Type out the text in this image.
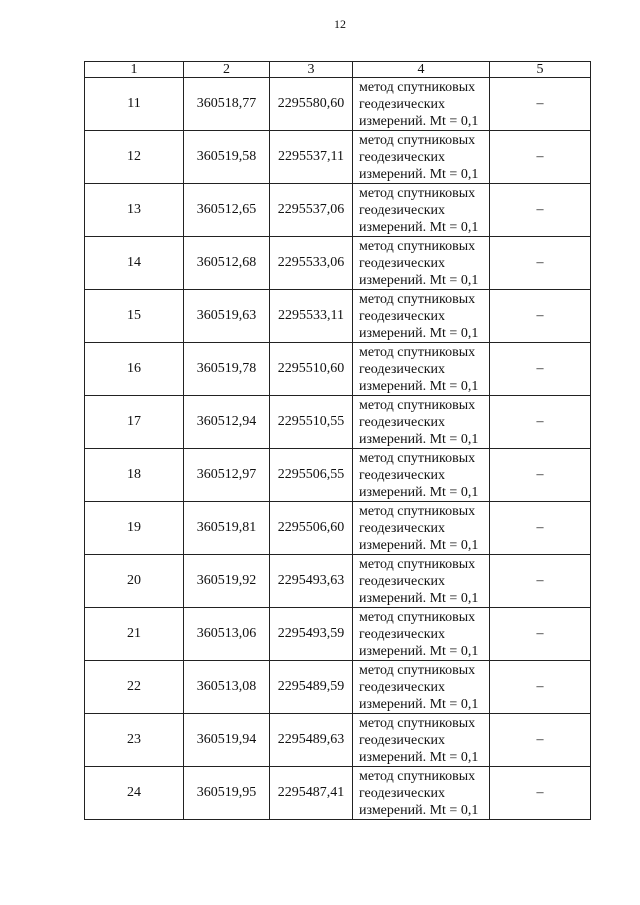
12
1	2	3	4	5
11	360518,77	2295580,60	метод спутниковых
геодезических
измерений. Mt = 0,1	–
12	360519,58	2295537,11	метод спутниковых
геодезических
измерений. Mt = 0,1	–
13	360512,65	2295537,06	метод спутниковых
геодезических
измерений. Mt = 0,1	–
14	360512,68	2295533,06	метод спутниковых
геодезических
измерений. Mt = 0,1	–
15	360519,63	2295533,11	метод спутниковых
геодезических
измерений. Mt = 0,1	–
16	360519,78	2295510,60	метод спутниковых
геодезических
измерений. Mt = 0,1	–
17	360512,94	2295510,55	метод спутниковых
геодезических
измерений. Mt = 0,1	–
18	360512,97	2295506,55	метод спутниковых
геодезических
измерений. Mt = 0,1	–
19	360519,81	2295506,60	метод спутниковых
геодезических
измерений. Mt = 0,1	–
20	360519,92	2295493,63	метод спутниковых
геодезических
измерений. Mt = 0,1	–
21	360513,06	2295493,59	метод спутниковых
геодезических
измерений. Mt = 0,1	–
22	360513,08	2295489,59	метод спутниковых
геодезических
измерений. Mt = 0,1	–
23	360519,94	2295489,63	метод спутниковых
геодезических
измерений. Mt = 0,1	–
24	360519,95	2295487,41	метод спутниковых
геодезических
измерений. Mt = 0,1	–
